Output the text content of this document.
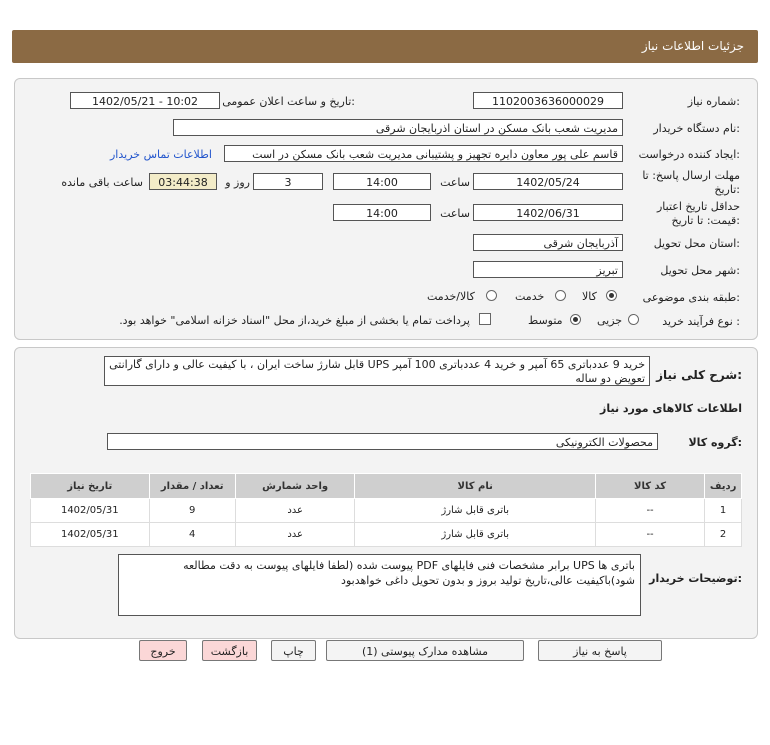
جزئیات اطلاعات نیاز
شماره نیاز:
1102003636000029
تاریخ و ساعت اعلان عمومی:
1402/05/21 - 10:02
نام دستگاه خریدار:
مدیریت شعب بانک مسکن در استان اذربایجان شرقی
ایجاد کننده درخواست:
قاسم علی پور معاون دایره تجهیز و پشتیبانی مدیریت شعب بانک مسکن در است
اطلاعات تماس خریدار
مهلت ارسال پاسخ: تا
تاریخ:
1402/05/24
ساعت
14:00
3
روز و
03:44:38
ساعت باقی مانده
حداقل تاریخ اعتبار
قیمت: تا تاریخ:
1402/06/31
ساعت
14:00
استان محل تحویل:
آذربایجان شرقی
شهر محل تحویل:
تبریز
طبقه بندی موضوعی:
کالا
خدمت
کالا/خدمت
نوع فرآیند خرید :
جزیی
متوسط
پرداخت تمام یا بخشی از مبلغ خرید،از محل "اسناد خزانه اسلامی" خواهد بود.
شرح کلی نیاز:
خرید 9 عددباتری 65 آمپر و خرید 4 عددباتری 100 آمپر UPS قابل شارژ ساخت ایران ، با کیفیت عالی و دارای گارانتی تعویض دو ساله
اطلاعات کالاهای مورد نیاز
گروه کالا:
محصولات الکترونیکی
ردیف	کد کالا	نام کالا	واحد شمارش	تعداد / مقدار	تاریخ نیاز
1	--	باتری قابل شارژ	عدد	9	1402/05/31
2	--	باتری قابل شارژ	عدد	4	1402/05/31
توضیحات خریدار:
باتری ها UPS برابر مشخصات فنی فایلهای PDF پیوست شده (لطفا فایلهای پیوست به دقت مطالعه شود)باکیفیت عالی،تاریخ تولید بروز و بدون تحویل داغی خواهدبود
پاسخ به نیاز
مشاهده مدارک پیوستی (1)
چاپ
بازگشت
خروج
